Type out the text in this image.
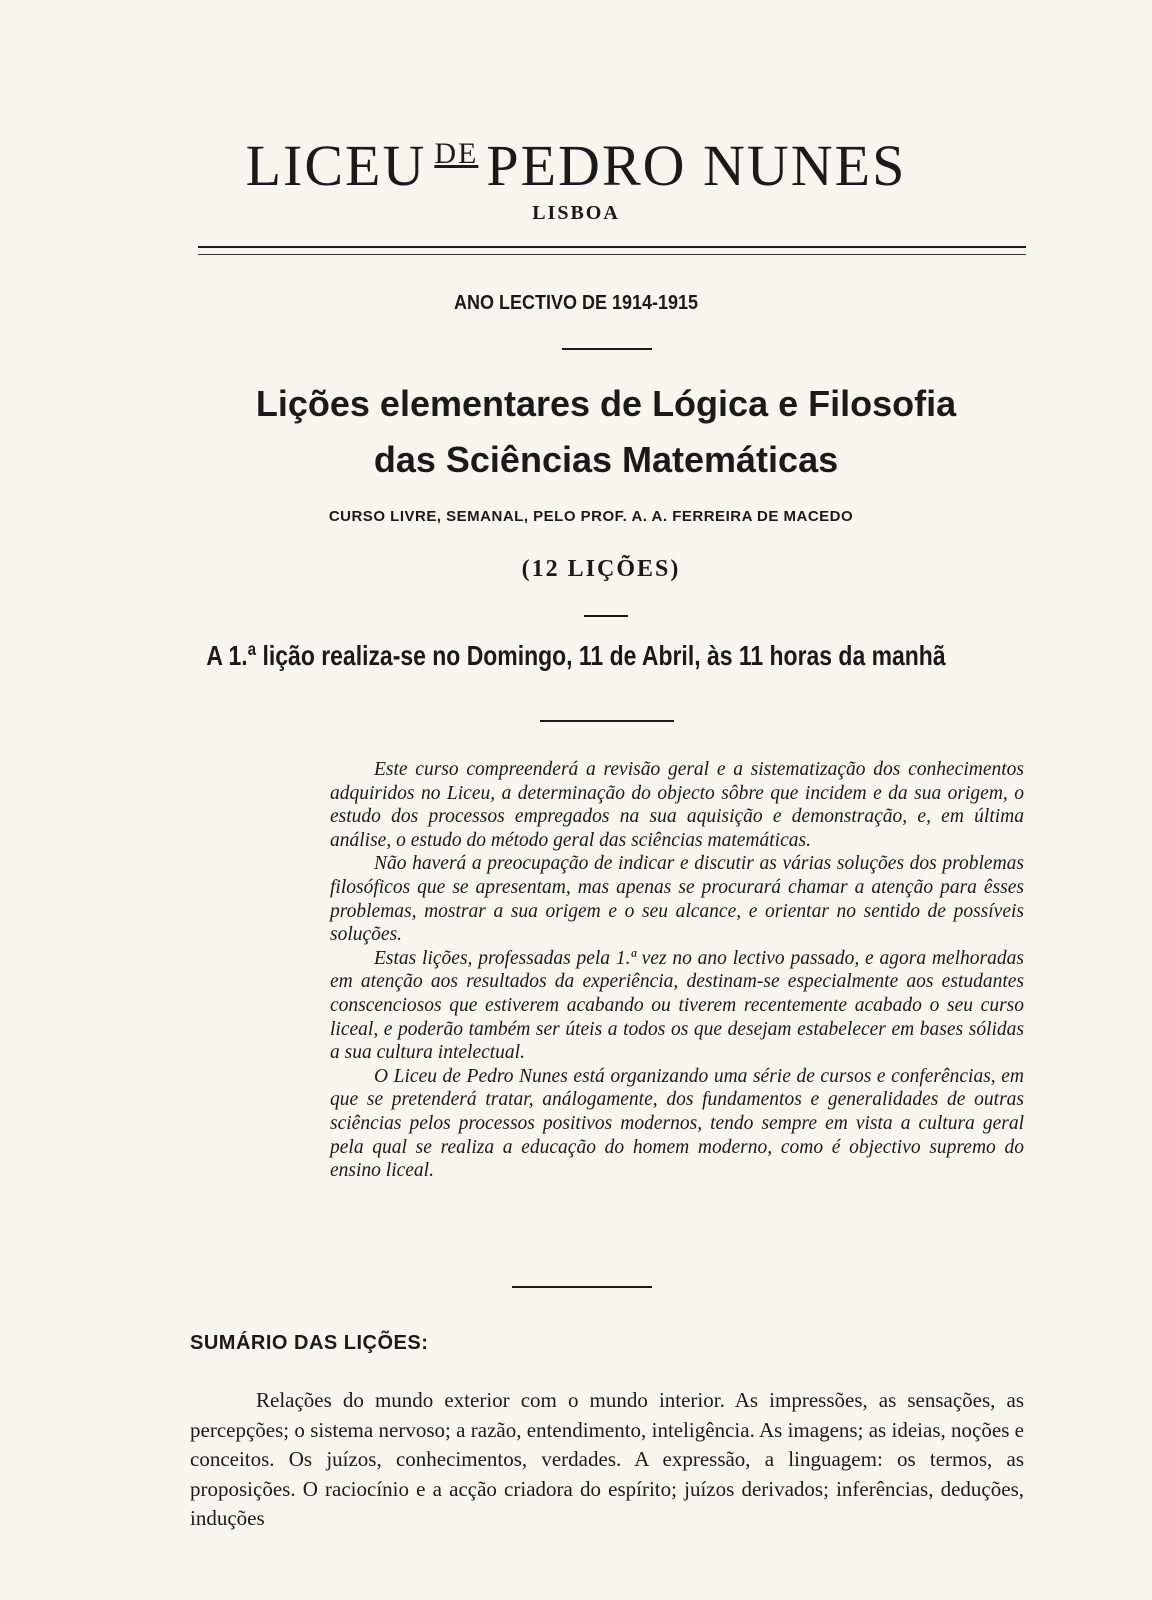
LICEU $^{DE}$ PEDRO NUNES
LISBOA
ANO LECTIVO DE 1914-1915
Lições elementares de Lógica e Filosofia
das Sciências Matemáticas
CURSO LIVRE, SEMANAL, PELO PROF. A. A. FERREIRA DE MACEDO
(12 LIÇÕES)
A 1.ª lição realiza-se no Domingo, 11 de Abril, às 11 horas da manhã

Este curso compreenderá a revisão geral e a sistematização dos conhecimentos adquiridos no Liceu, a determinação do objecto sôbre que incidem e da sua origem, o estudo dos processos empregados na sua aquisição e demonstração, e, em última análise, o estudo do método geral das sciências matemáticas.

Não haverá a preocupação de indicar e discutir as várias soluções dos problemas filosóficos que se apresentam, mas apenas se procurará chamar a atenção para êsses problemas, mostrar a sua origem e o seu alcance, e orientar no sentido de possíveis soluções.

Estas lições, professadas pela 1.ª vez no ano lectivo passado, e agora melhoradas em atenção aos resultados da experiência, destinam-se especialmente aos estudantes conscenciosos que estiverem acabando ou tiverem recentemente acabado o seu curso liceal, e poderão também ser úteis a todos os que desejam estabelecer em bases sólidas a sua cultura intelectual.

O Liceu de Pedro Nunes está organizando uma série de cursos e conferências, em que se pretenderá tratar, análogamente, dos fundamentos e generalidades de outras sciências pelos processos positivos modernos, tendo sempre em vista a cultura geral pela qual se realiza a educação do homem moderno, como é objectivo supremo do ensino liceal.

SUMÁRIO DAS LIÇÕES:

Relações do mundo exterior com o mundo interior. As impressões, as sensações, as percepções; o sistema nervoso; a razão, entendimento, inteligência. As imagens; as ideias, noções e conceitos. Os juízos, conhecimentos, verdades. A expressão, a linguagem: os termos, as proposições. O raciocínio e a acção criadora do espírito; juízos derivados; inferências, deduções, induções
